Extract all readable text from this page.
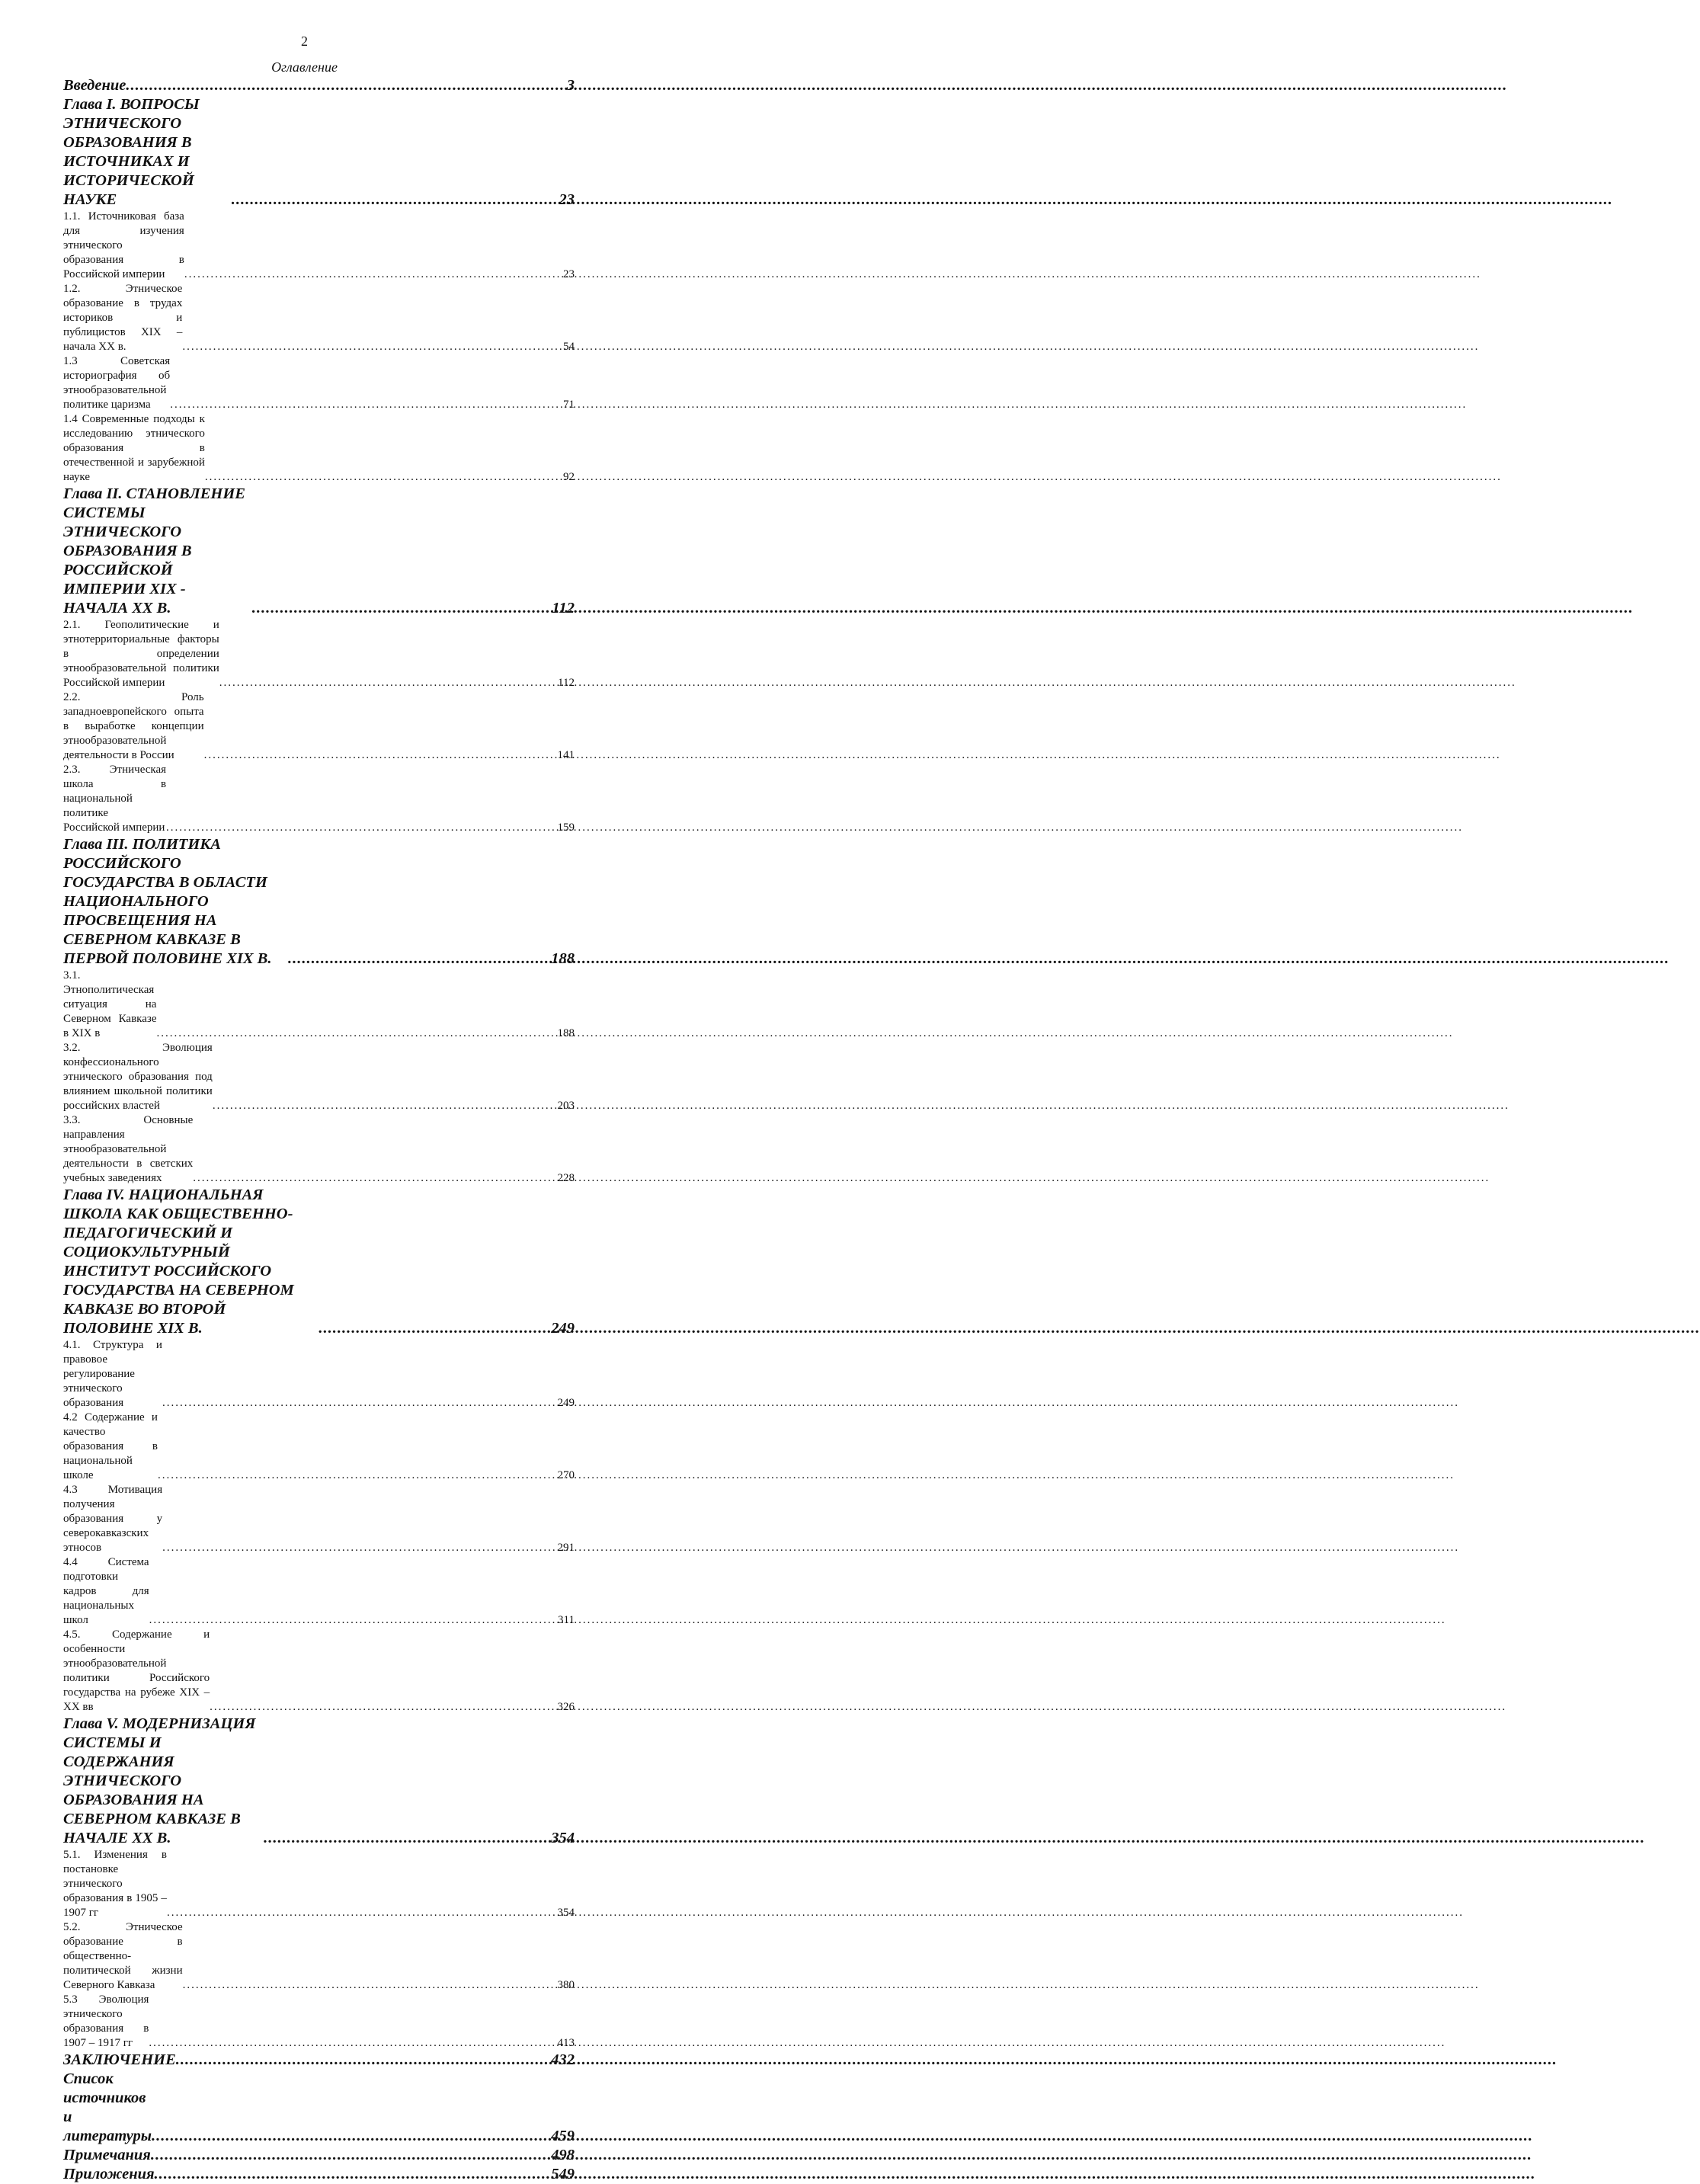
2
Оглавление
Введение .....	3
Глава I. ВОПРОСЫ ЭТНИЧЕСКОГО ОБРАЗОВАНИЯ В ИСТОЧНИКАХ И ИСТОРИЧЕСКОЙ НАУКЕ .....	23
1.1. Источниковая база для изучения этнического образования в Российской империи .....	23
1.2. Этническое образование в трудах историков и публицистов XIX – начала XX в. .....	54
1.3 Советская историография об этнообразовательной политике царизма .....	71
1.4 Современные подходы к исследованию этнического образования в отечественной и зарубежной науке .....	92
Глава II. СТАНОВЛЕНИЕ СИСТЕМЫ ЭТНИЧЕСКОГО ОБРАЗОВАНИЯ В РОССИЙСКОЙ ИМПЕРИИ XIX - НАЧАЛА XX В. .....	112
2.1. Геополитические и этнотерриториальные факторы в определении этнообразовательной политики Российской империи .....	112
2.2. Роль западноевропейского опыта в выработке концепции этнообразовательной деятельности в России .....	141
2.3. Этническая школа в национальной политике Российской империи .....	159
Глава III. ПОЛИТИКА РОССИЙСКОГО ГОСУДАРСТВА В ОБЛАСТИ НАЦИОНАЛЬНОГО ПРОСВЕЩЕНИЯ НА СЕВЕРНОМ КАВКАЗЕ В ПЕРВОЙ ПОЛОВИНЕ XIX В. .....	188
3.1. Этнополитическая ситуация на Северном Кавказе в XIX в .....	188
3.2. Эволюция конфессионального этнического образования под влиянием школьной политики российских властей .....	203
3.3. Основные направления этнообразовательной деятельности в светских учебных заведениях .....	228
Глава IV. НАЦИОНАЛЬНАЯ ШКОЛА КАК ОБЩЕСТВЕННО-ПЕДАГОГИЧЕСКИЙ И СОЦИОКУЛЬТУРНЫЙ ИНСТИТУТ РОССИЙСКОГО ГОСУДАРСТВА НА СЕВЕРНОМ КАВКАЗЕ ВО ВТОРОЙ ПОЛОВИНЕ XIX В. .....	249
4.1. Структура и правовое регулирование этнического образования .....	249
4.2 Содержание и качество образования в национальной школе .....	270
4.3 Мотивация получения образования у северокавказских этносов .....	291
4.4 Система подготовки кадров для национальных школ .....	311
4.5. Содержание и особенности этнообразовательной политики Российского государства на рубеже XIX – XX вв .....	326
Глава V. МОДЕРНИЗАЦИЯ СИСТЕМЫ И СОДЕРЖАНИЯ ЭТНИЧЕСКОГО ОБРАЗОВАНИЯ НА СЕВЕРНОМ КАВКАЗЕ В НАЧАЛЕ XX В. .....	354
5.1. Изменения в постановке этнического образования в 1905 – 1907 гг .....	354
5.2. Этническое образование в общественно-политической жизни Северного Кавказа .....	380
5.3 Эволюция этнического образования в 1907 – 1917 гг .....	413
ЗАКЛЮЧЕНИЕ .....	432
Список источников и литературы .....	459
Примечания .....	498
Приложения .....	549
